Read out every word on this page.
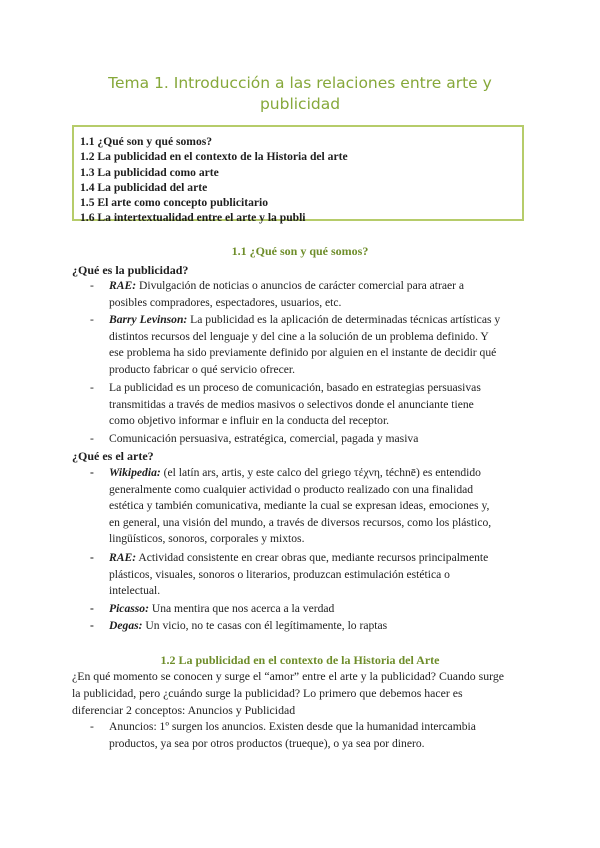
Tema 1. Introducción a las relaciones entre arte y
publicidad
1.1 ¿Qué son y qué somos?
1.2 La publicidad en el contexto de la Historia del arte
1.3 La publicidad como arte
1.4 La publicidad del arte
1.5 El arte como concepto publicitario
1.6 La intertextualidad entre el arte y la publi
1.1 ¿Qué son y qué somos?
¿Qué es la publicidad?
- RAE: Divulgación de noticias o anuncios de carácter comercial para atraer a
posibles compradores, espectadores, usuarios, etc.
- Barry Levinson: La publicidad es la aplicación de determinadas técnicas artísticas y
distintos recursos del lenguaje y del cine a la solución de un problema definido. Y
ese problema ha sido previamente definido por alguien en el instante de decidir qué
producto fabricar o qué servicio ofrecer.
- La publicidad es un proceso de comunicación, basado en estrategias persuasivas
transmitidas a través de medios masivos o selectivos donde el anunciante tiene
como objetivo informar e influir en la conducta del receptor.
- Comunicación persuasiva, estratégica, comercial, pagada y masiva
¿Qué es el arte?
- Wikipedia: (el latín ars, artis, y este calco del griego τέχνη, téchnē) es entendido
generalmente como cualquier actividad o producto realizado con una finalidad
estética y también comunicativa, mediante la cual se expresan ideas, emociones y,
en general, una visión del mundo, a través de diversos recursos, como los plástico,
lingüísticos, sonoros, corporales y mixtos.
- RAE: Actividad consistente en crear obras que, mediante recursos principalmente
plásticos, visuales, sonoros o literarios, produzcan estimulación estética o
intelectual.
- Picasso: Una mentira que nos acerca a la verdad
- Degas: Un vicio, no te casas con él legítimamente, lo raptas
1.2 La publicidad en el contexto de la Historia del Arte
¿En qué momento se conocen y surge el “amor” entre el arte y la publicidad? Cuando surge
la publicidad, pero ¿cuándo surge la publicidad? Lo primero que debemos hacer es
diferenciar 2 conceptos: Anuncios y Publicidad
- Anuncios: 1º surgen los anuncios. Existen desde que la humanidad intercambia
productos, ya sea por otros productos (trueque), o ya sea por dinero.
